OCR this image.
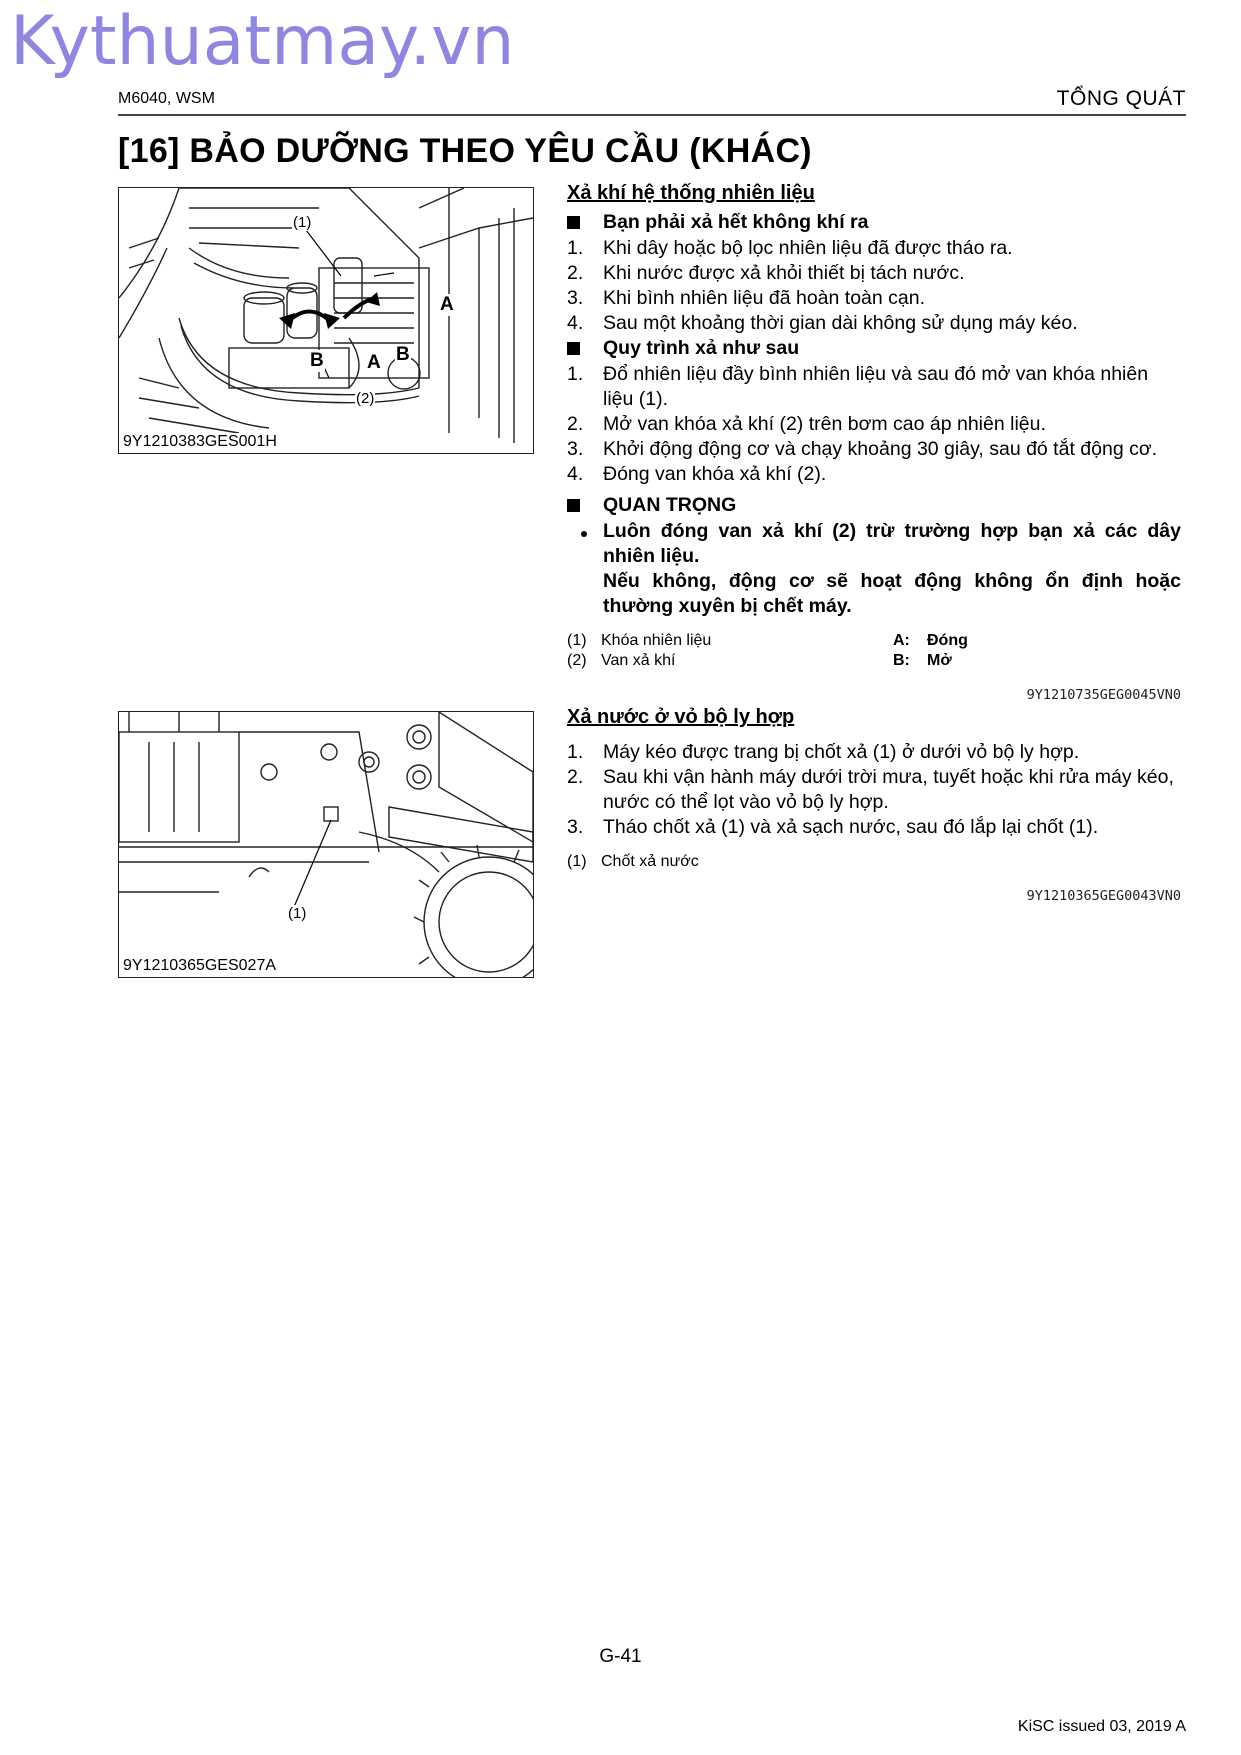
Kythuatmay.vn
M6040, WSM	TỔNG QUÁT
[16] BẢO DƯỠNG THEO YÊU CẦU (KHÁC)
(1)
(2)
A
B A B
9Y1210383GES001H
(1)
9Y1210365GES027A
Xả khí hệ thống nhiên liệu
Bạn phải xả hết không khí ra
1.	Khi dây hoặc bộ lọc nhiên liệu đã được tháo ra.
2.	Khi nước được xả khỏi thiết bị tách nước.
3.	Khi bình nhiên liệu đã hoàn toàn cạn.
4.	Sau một khoảng thời gian dài không sử dụng máy kéo.
Quy trình xả như sau
1.	Đổ nhiên liệu đầy bình nhiên liệu và sau đó mở van khóa nhiên liệu (1).
2.	Mở van khóa xả khí (2) trên bơm cao áp nhiên liệu.
3.	Khởi động động cơ và chạy khoảng 30 giây, sau đó tắt động cơ.
4.	Đóng van khóa xả khí (2).
QUAN TRỌNG
Luôn đóng van xả khí (2) trừ trường hợp bạn xả các dây nhiên liệu.
Nếu không, động cơ sẽ hoạt động không ổn định hoặc thường xuyên bị chết máy.
(1) Khóa nhiên liệu	A:	Đóng
(2) Van xả khí	B:	Mở
9Y1210735GEG0045VN0
Xả nước ở vỏ bộ ly hợp
1.	Máy kéo được trang bị chốt xả (1) ở dưới vỏ bộ ly hợp.
2.	Sau khi vận hành máy dưới trời mưa, tuyết hoặc khi rửa máy kéo, nước có thể lọt vào vỏ bộ ly hợp.
3.	Tháo chốt xả (1) và xả sạch nước, sau đó lắp lại chốt (1).
(1) Chốt xả nước
9Y1210365GEG0043VN0
G-41
KiSC issued 03, 2019 A
